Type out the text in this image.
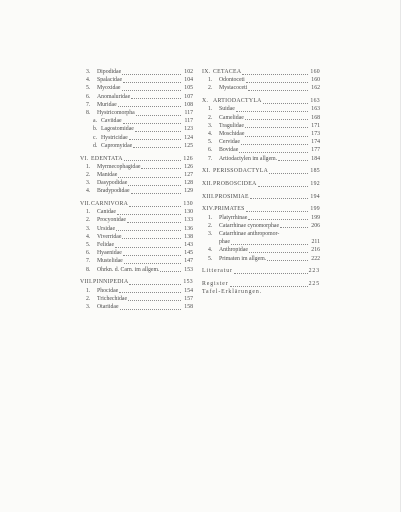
3.	Dipodidae	102
4.	Spalacidae	104
5.	Myoxidae	105
6.	Anomaluridae	107
7.	Muridae	108
8.	Hystricomorpha	117
a. Caviidae	117
b. Lagostomidae	123
c. Hystricidae	124
d. Capromyidae	125
VI. EDENTATA	126
1.	Myrmecophagidae	126
2.	Manidae	127
3.	Dasypodidae	128
4.	Bradypodidae	129
VII. CARNIVORA	130
1.	Canidae	130
2.	Procyonidae	133
3.	Ursidae	136
4.	Viverridae	138
5.	Felidae	143
6.	Hyaenidae	145
7.	Mustelidae	147
8.	Ohrkn. d. Carn. im allgem.	153
VIII. PINNIPEDIA	153
1.	Phocidae	154
2.	Trichechidae	157
3.	Otariidae	158
IX. CETACEA	160
1.	Odontoceti	160
2.	Mystacoceti	162
X. ARTIODACTYLA	163
1.	Suidae	163
2.	Camelidae	168
3.	Tragulidae	171
4.	Moschidae	173
5.	Cervidae	174
6.	Bovidae	177
7.	Artiodactylen im allgem.	184
XI. PERISSODACTYLA	185
XII. PROBOSCIDEA	192
XIII. PROSIMIAE	194
XIV. PRIMATES	199
1.	Platyrrhinae	199
2.	Catarrhinae cynomorphae	206
3.	Catarrhinae anthropomor-
phae	211
4.	Anthropidae	216
5.	Primaten im allgem.	222
Litteratur	223
Register	225
Tafel-Erklärungen.
